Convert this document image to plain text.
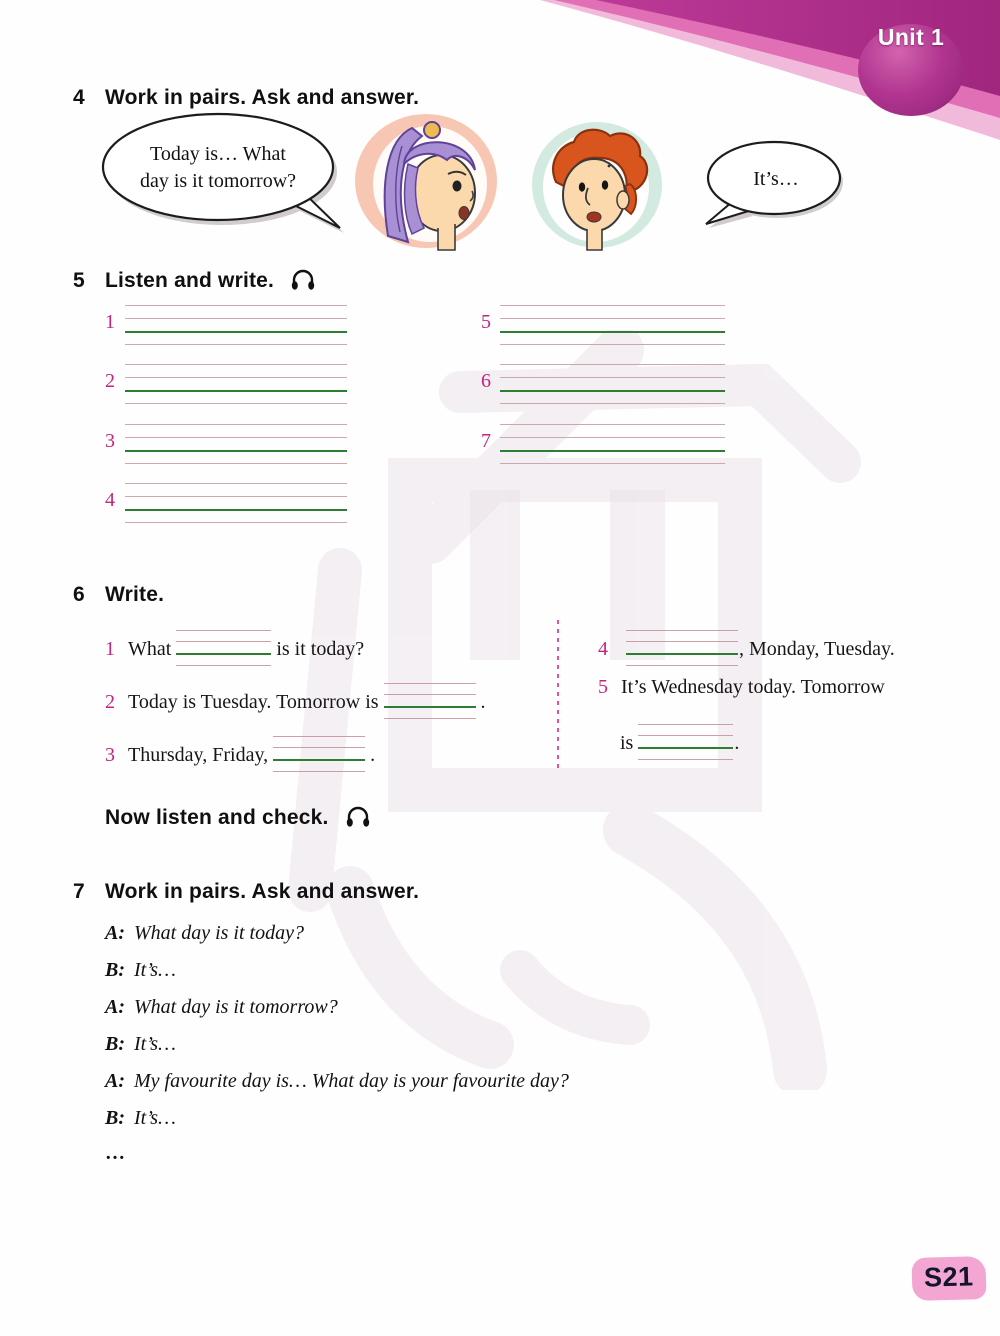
Unit 1
4 Work in pairs. Ask and answer.
Today is… What
day is it tomorrow?	It’s…
5 Listen and write.
1
2
3
4
5
6
7
6 Write.
1 What	is it today?
2 Today is Tuesday. Tomorrow is	.
3 Thursday, Friday,	.
4	, Monday, Tuesday.
5 It’s Wednesday today. Tomorrow
is	.
Now listen and check.
7 Work in pairs. Ask and answer.
A: What day is it today?
B: It’s…
A: What day is it tomorrow?
B: It’s…
A: My favourite day is… What day is your favourite day?
B: It’s…
…
S21
